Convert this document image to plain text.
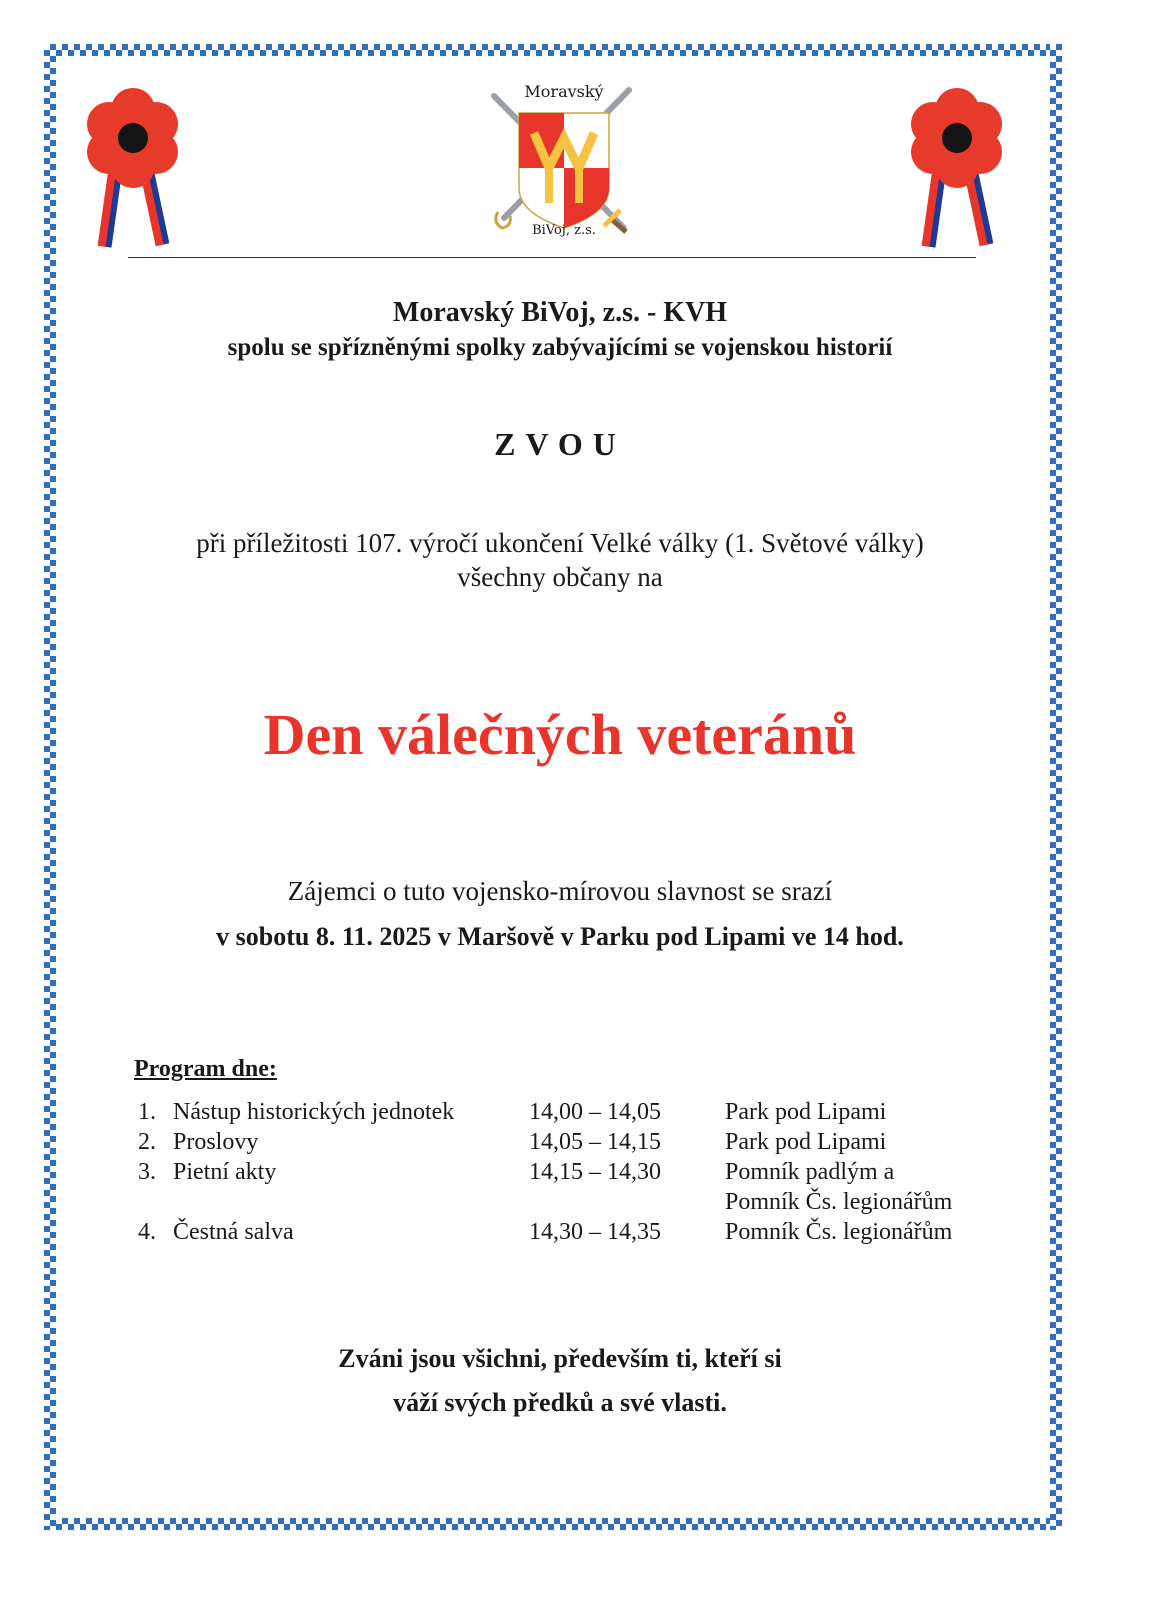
Moravský
BiVoj, z.s.
Moravský BiVoj, z.s. - KVH
spolu se spřízněnými spolky zabývajícími se vojenskou historií
ZVOU
při příležitosti 107. výročí ukončení Velké války (1. Světové války)
všechny občany na
Den válečných veteránů
Zájemci o tuto vojensko-mírovou slavnost se srazí
v sobotu 8. 11. 2025 v Maršově v Parku pod Lipami ve 14 hod.
Program dne:
1. Nástup historických jednotek	14,00 – 14,05	Park pod Lipami
2. Proslovy	14,05 – 14,15	Park pod Lipami
3. Pietní akty	14,15 – 14,30	Pomník padlým a
Pomník Čs. legionářům
4. Čestná salva	14,30 – 14,35	Pomník Čs. legionářům
Zváni jsou všichni, především ti, kteří si
váží svých předků a své vlasti.
